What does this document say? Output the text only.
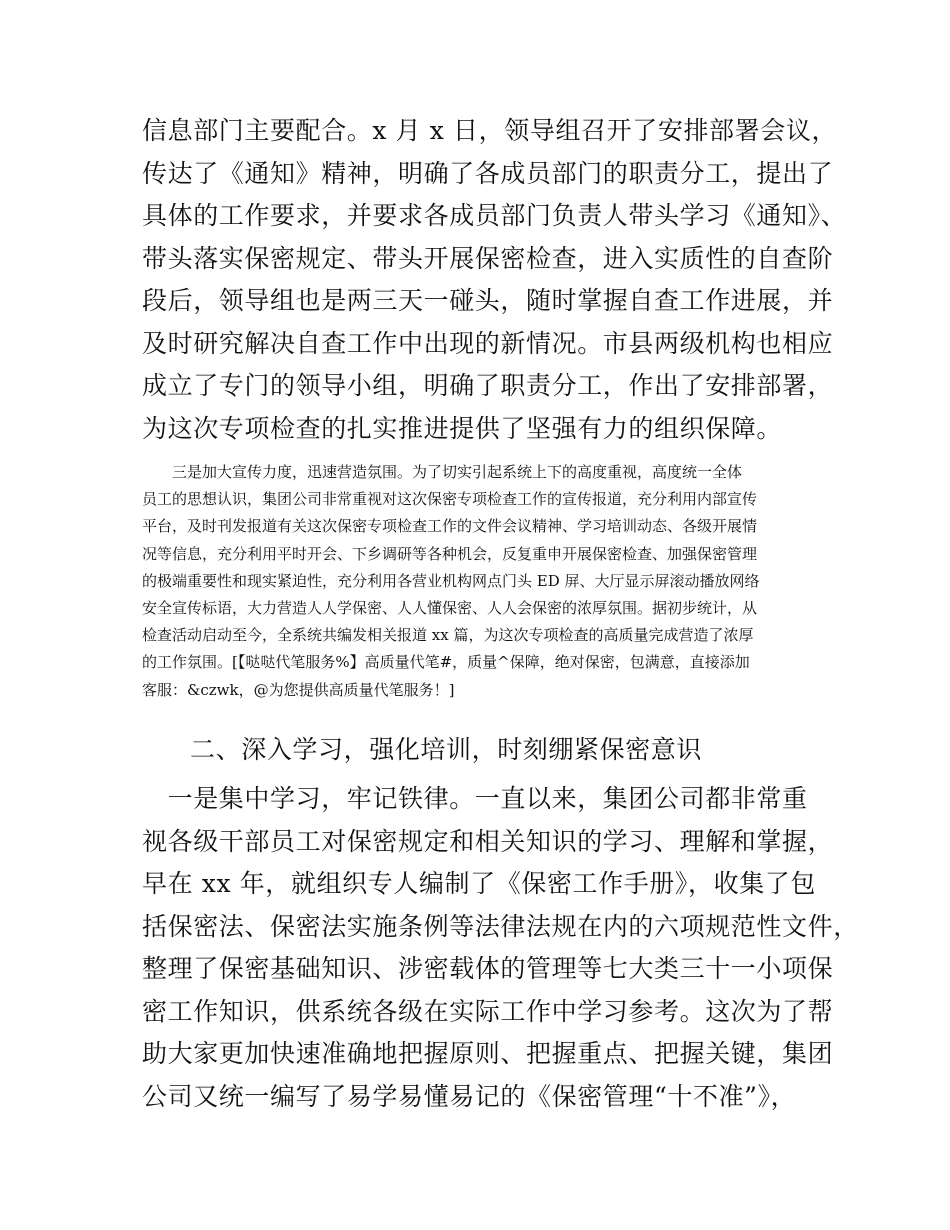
信息部门主要配合。x 月 x 日，领导组召开了安排部署会议，
传达了《通知》精神，明确了各成员部门的职责分工，提出了
具体的工作要求，并要求各成员部门负责人带头学习《通知》、
带头落实保密规定、带头开展保密检查，进入实质性的自查阶
段后，领导组也是两三天一碰头，随时掌握自查工作进展，并
及时研究解决自查工作中出现的新情况。市县两级机构也相应
成立了专门的领导小组，明确了职责分工，作出了安排部署，
为这次专项检查的扎实推进提供了坚强有力的组织保障。
　　三是加大宣传力度，迅速营造氛围。为了切实引起系统上下的高度重视，高度统一全体
员工的思想认识，集团公司非常重视对这次保密专项检查工作的宣传报道，充分利用内部宣传
平台，及时刊发报道有关这次保密专项检查工作的文件会议精神、学习培训动态、各级开展情
况等信息，充分利用平时开会、下乡调研等各种机会，反复重申开展保密检查、加强保密管理
的极端重要性和现实紧迫性，充分利用各营业机构网点门头 ED 屏、大厅显示屏滚动播放网络
安全宣传标语，大力营造人人学保密、人人懂保密、人人会保密的浓厚氛围。据初步统计，从
检查活动启动至今，全系统共编发相关报道 xx 篇，为这次专项检查的高质量完成营造了浓厚
的工作氛围。[【哒哒代笔服务%】高质量代笔#，质量^保障，绝对保密，包满意，直接添加
客服：&czwk，@为您提供高质量代笔服务！]
二、深入学习，强化培训，时刻绷紧保密意识
　一是集中学习，牢记铁律。一直以来，集团公司都非常重
视各级干部员工对保密规定和相关知识的学习、理解和掌握，
早在 xx 年，就组织专人编制了《保密工作手册》，收集了包
括保密法、保密法实施条例等法律法规在内的六项规范性文件，
整理了保密基础知识、涉密载体的管理等七大类三十一小项保
密工作知识，供系统各级在实际工作中学习参考。这次为了帮
助大家更加快速准确地把握原则、把握重点、把握关键，集团
公司又统一编写了易学易懂易记的《保密管理“十不准”》，
